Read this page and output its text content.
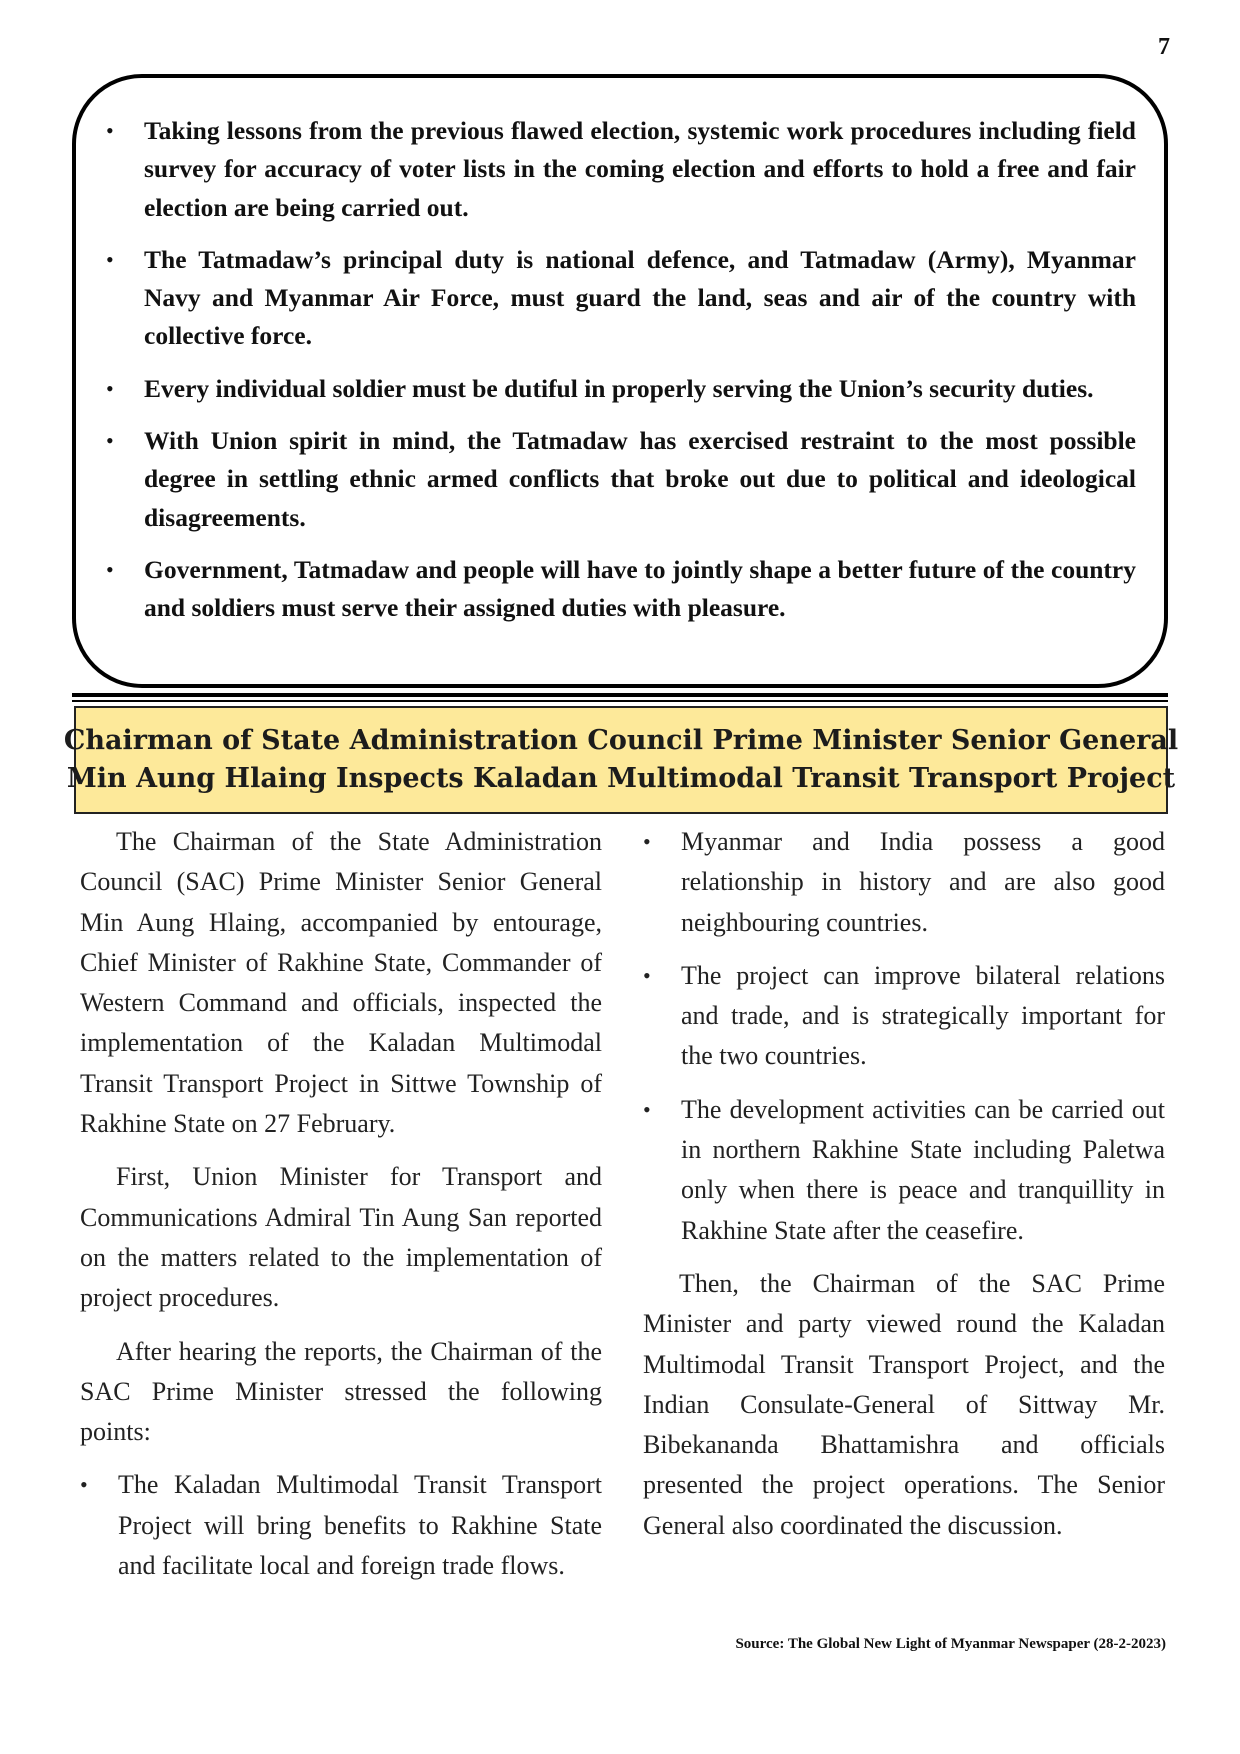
7
•	Taking lessons from the previous flawed election, systemic work procedures including field survey for accuracy of voter lists in the coming election and efforts to hold a free and fair election are being carried out.
•	The Tatmadaw’s principal duty is national defence, and Tatmadaw (Army), Myanmar Navy and Myanmar Air Force, must guard the land, seas and air of the country with collective force.
•	Every individual soldier must be dutiful in properly serving the Union’s security duties.
•	With Union spirit in mind, the Tatmadaw has exercised restraint to the most possible degree in settling ethnic armed conflicts that broke out due to political and ideological disagreements.
•	Government, Tatmadaw and people will have to jointly shape a better future of the country and soldiers must serve their assigned duties with pleasure.
Chairman of State Administration Council Prime Minister Senior General
Min Aung Hlaing Inspects Kaladan Multimodal Transit Transport Project

The Chairman of the State Administration Council (SAC) Prime Minister Senior General Min Aung Hlaing, accompanied by entourage, Chief Minister of Rakhine State, Commander of Western Command and officials, inspected the implementation of the Kaladan Multimodal Transit Transport Project in Sittwe Township of Rakhine State on 27 February.

First, Union Minister for Transport and Communications Admiral Tin Aung San reported on the matters related to the implementation of project procedures.

After hearing the reports, the Chairman of the SAC Prime Minister stressed the following points:

•	The Kaladan Multimodal Transit Transport Project will bring benefits to Rakhine State and facilitate local and foreign trade flows.
•	Myanmar and India possess a good relationship in history and are also good neighbouring countries.
•	The project can improve bilateral relations and trade, and is strategically important for the two countries.
•	The development activities can be carried out in northern Rakhine State including Paletwa only when there is peace and tranquillity in Rakhine State after the ceasefire.

Then, the Chairman of the SAC Prime Minister and party viewed round the Kaladan Multimodal Transit Transport Project, and the Indian Consulate-General of Sittway Mr. Bibekananda Bhattamishra and officials presented the project operations. The Senior General also coordinated the discussion.

Source: The Global New Light of Myanmar Newspaper (28-2-2023)
